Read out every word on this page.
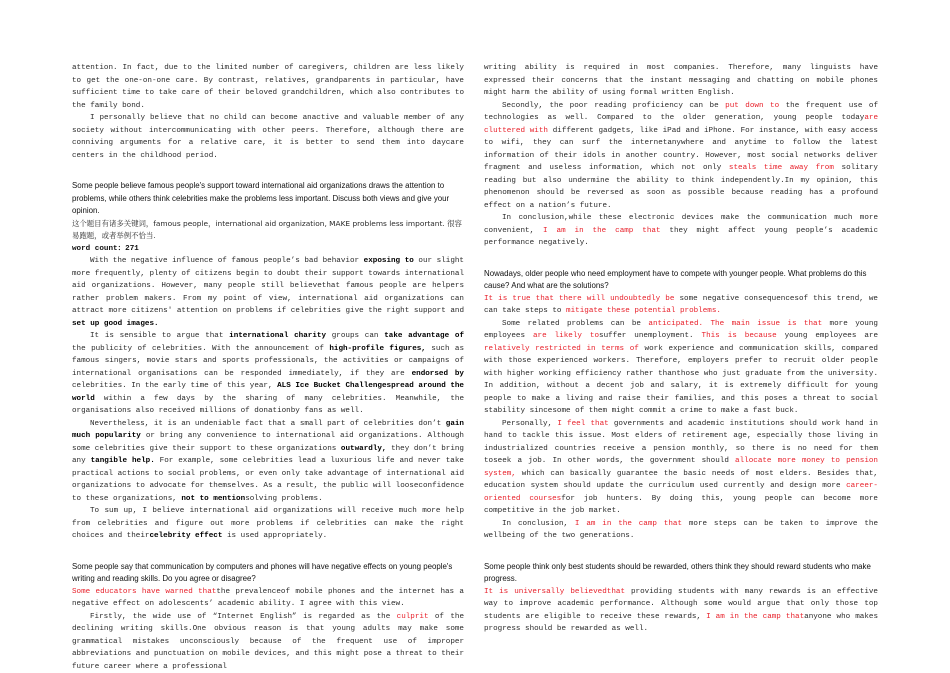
attention. In fact, due to the limited number of caregivers, children are less likely to get the one-on-one care. By contrast, relatives, grandparents in particular, have sufficient time to take care of their beloved grandchildren, which also contributes to the family bond.

I personally believe that no child can become anactive and valuable member of any society without intercommunicating with other peers. Therefore, although there are conniving arguments for a relative care, it is better to send them into daycare centers in the childhood period.

Some people believe famous people's support toward international aid organizations draws the attention to problems, while others think celebrities make the problems less important. Discuss both views and give your opinion.

这个题目有诸多关键词，famous people，international aid organization, MAKE problems less important. 很容易跑题，或者举例不恰当.

word count：271

With the negative influence of famous people’s bad behavior exposing to our slight more frequently, plenty of citizens begin to doubt their support towards international aid organizations. However, many people still believethat famous people are helpers rather problem makers. From my point of view, international aid organizations can attract more citizens' attention on problems if celebrities give the right support and set up good images.

It is sensible to argue that international charity groups can take advantage of the publicity of celebrities. With the announcement of high-profile figures, such as famous singers, movie stars and sports professionals, the activities or campaigns of international organisations can be responded immediately, if they are endorsed by celebrities. In the early time of this year, ALS Ice Bucket Challengespread around the world within a few days by the sharing of many celebrities. Meanwhile, the organisations also received millions of donationby fans as well.

Nevertheless, it is an undeniable fact that a small part of celebrities don’t gain much popularity or bring any convenience to international aid organizations. Although some celebrities give their support to these organizations outwardly, they don’t bring any tangible help. For example, some celebrities lead a luxurious life and never take practical actions to social problems, or even only take advantage of international aid organizations to advocate for themselves. As a result, the public will looseconfidence to these organizations, not to mentionsolving problems.

To sum up, I believe international aid organizations will receive much more help from celebrities and figure out more problems if celebrities can make the right choices and theircelebrity effect is used appropriately.

Some people say that communication by computers and phones will have negative effects on young people's writing and reading skills. Do you agree or disagree?

Some educators have warned thatthe prevalenceof mobile phones and the internet has a negative effect on adolescents’ academic ability. I agree with this view.

Firstly, the wide use of “Internet English” is regarded as the culprit of the declining writing skills.One obvious reason is that young adults may make some grammatical mistakes unconsciously because of the frequent use of improper abbreviations and punctuation on mobile devices, and this might pose a threat to their future career where a professional

writing ability is required in most companies. Therefore, many linguists have expressed their concerns that the instant messaging and chatting on mobile phones might harm the ability of using formal written English.

Secondly, the poor reading proficiency can be put down to the frequent use of technologies as well. Compared to the older generation, young people todayare cluttered with different gadgets, like iPad and iPhone. For instance, with easy access to wifi, they can surf the internetanywhere and anytime to follow the latest information of their idols in another country. However, most social networks deliver fragment and useless information, which not only steals time away from solitary reading but also undermine the ability to think independently.In my opinion, this phenomenon should be reversed as soon as possible because reading has a profound effect on a nation’s future.

In conclusion,while these electronic devices make the communication much more convenient, I am in the camp that they might affect young people’s academic performance negatively.

Nowadays, older people who need employment have to compete with younger people. What problems do this cause? And what are the solutions?

It is true that there will undoubtedly be some negative consequencesof this trend, we can take steps to mitigate these potential problems.

Some related problems can be anticipated. The main issue is that more young employees are likely tosuffer unemployment. This is because young employees are relatively restricted in terms of work experience and communication skills, compared with those experienced workers. Therefore, employers prefer to recruit older people with higher working efficiency rather thanthose who just graduate from the university. In addition, without a decent job and salary, it is extremely difficult for young people to make a living and raise their families, and this poses a threat to social stability sincesome of them might commit a crime to make a fast buck.

Personally, I feel that governments and academic institutions should work hand in hand to tackle this issue. Most elders of retirement age, especially those living in industrialized countries receive a pension monthly, so there is no need for them toseek a job. In other words, the government should allocate more money to pension system, which can basically guarantee the basic needs of most elders. Besides that, education system should update the curriculum used currently and design more career-oriented coursesfor job hunters. By doing this, young people can become more competitive in the job market.

In conclusion, I am in the camp that more steps can be taken to improve the wellbeing of the two generations.

Some people think only best students should be rewarded, others think they should reward students who make progress.

It is universally believedthat providing students with many rewards is an effective way to improve academic performance. Although some would argue that only those top students are eligible to receive these rewards, I am in the camp thatanyone who makes progress should be rewarded as well.
